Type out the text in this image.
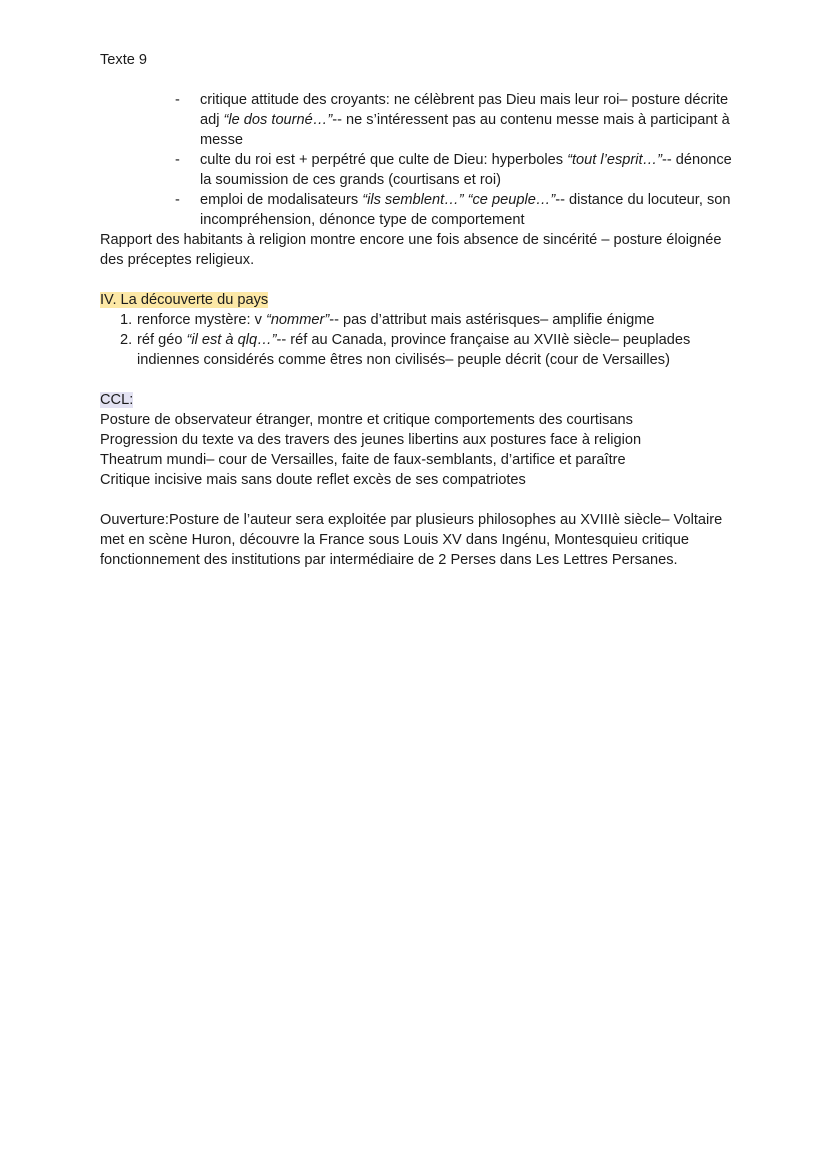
Texte 9
- critique attitude des croyants: ne célèbrent pas Dieu mais leur roi– posture décrite adj “le dos tourné…”-- ne s’intéressent pas au contenu messe mais à participant à messe
- culte du roi est + perpétré que culte de Dieu: hyperboles “tout l’esprit…”-- dénonce la soumission de ces grands (courtisans et roi)
- emploi de modalisateurs “ils semblent…” “ce peuple…”-- distance du locuteur, son incompréhension, dénonce type de comportement

Rapport des habitants à religion montre encore une fois absence de sincérité – posture éloignée des préceptes religieux.

IV. La découverte du pays
1. renforce mystère: v “nommer”-- pas d’attribut mais astérisques– amplifie énigme
2. réf géo “il est à qlq…”-- réf au Canada, province française au XVIIè siècle– peuplades indiennes considérés comme êtres non civilisés– peuple décrit (cour de Versailles)
CCL:

Posture de observateur étranger, montre et critique comportements des courtisans

Progression du texte va des travers des jeunes libertins aux postures face à religion

Theatrum mundi– cour de Versailles, faite de faux-semblants, d’artifice et paraître

Critique incisive mais sans doute reflet excès de ses compatriotes

Ouverture:Posture de l’auteur sera exploitée par plusieurs philosophes au XVIIIè siècle– Voltaire met en scène Huron, découvre la France sous Louis XV dans Ingénu, Montesquieu critique fonctionnement des institutions par intermédiaire de 2 Perses dans Les Lettres Persanes.
